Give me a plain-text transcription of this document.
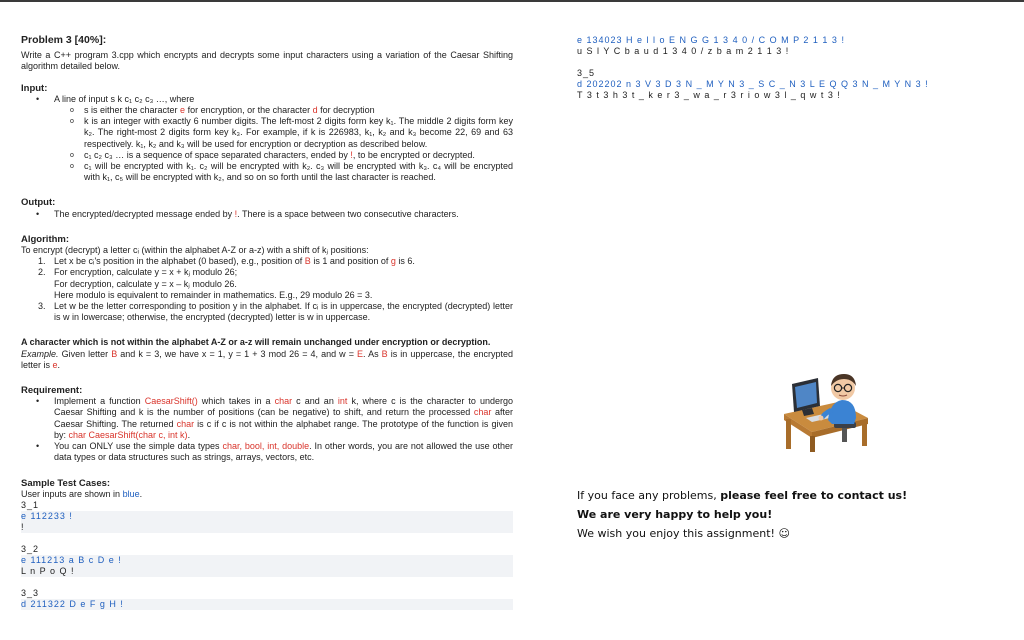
Problem 3 [40%]:

Write a C++ program 3.cpp which encrypts and decrypts some input characters using a variation of the Caesar Shifting algorithm detailed below.

Input:
• A line of input s k c₁ c₂ c₃ …, where
o s is either the character e for encryption, or the character d for decryption
o k is an integer with exactly 6 number digits. The left-most 2 digits form key k₁. The middle 2 digits form key k₂. The right-most 2 digits form key k₃. For example, if k is 226983, k₁, k₂ and k₃ become 22, 69 and 63 respectively. k₁, k₂ and k₃ will be used for encryption or decryption as described below.
o c₁ c₂ c₃ … is a sequence of space separated characters, ended by !, to be encrypted or decrypted.
o c₁ will be encrypted with k₁. c₂ will be encrypted with k₂. c₃ will be encrypted with k₃. c₄ will be encrypted with k₁, c₅ will be encrypted with k₂, and so on so forth until the last character is reached.
Output:
• The encrypted/decrypted message ended by !. There is a space between two consecutive characters.
Algorithm:

To encrypt (decrypt) a letter cᵢ (within the alphabet A-Z or a-z) with a shift of kⱼ positions:

1. Let x be cᵢ's position in the alphabet (0 based), e.g., position of B is 1 and position of g is 6.
2. For encryption, calculate y = x + kⱼ modulo 26;
For decryption, calculate y = x – kⱼ modulo 26.
Here modulo is equivalent to remainder in mathematics. E.g., 29 modulo 26 = 3.
3. Let w be the letter corresponding to position y in the alphabet. If cᵢ is in uppercase, the encrypted (decrypted) letter is w in lowercase; otherwise, the encrypted (decrypted) letter is w in uppercase.

A character which is not within the alphabet A-Z or a-z will remain unchanged under encryption or decryption.

Example. Given letter B and k = 3, we have x = 1, y = 1 + 3 mod 26 = 4, and w = E. As B is in uppercase, the encrypted letter is e.

Requirement:
• Implement a function CaesarShift() which takes in a char c and an int k, where c is the character to undergo Caesar Shifting and k is the number of positions (can be negative) to shift, and return the processed char after Caesar Shifting. The returned char is c if c is not within the alphabet range. The prototype of the function is given by: char CaesarShift(char c, int k).
• You can ONLY use the simple data types char, bool, int, double. In other words, you are not allowed the use other data types or data structures such as strings, arrays, vectors, etc.
Sample Test Cases:

User inputs are shown in blue.

3_1
e 112233 !
!
3_2
e 111213 a B c D e !
L n P o Q !
3_3
d 211322 D e F g H !
e 134023 H e l l o E N G G 1 3 4 0 / C O M P 2 1 1 3 !
u S l Y C b a u d 1 3 4 0 / z b a m 2 1 1 3 !
3_5
d 202202 n 3 V 3 D 3 N _ M Y N 3 _ S C _ N 3 L E Q Q 3 N _ M Y N 3 !
T 3 t 3 h 3 t _ k e r 3 _ w a _ r 3 r i o w 3 l _ q w t 3 !
If you face any problems, please feel free to contact us!
We are very happy to help you!
We wish you enjoy this assignment! ☺
